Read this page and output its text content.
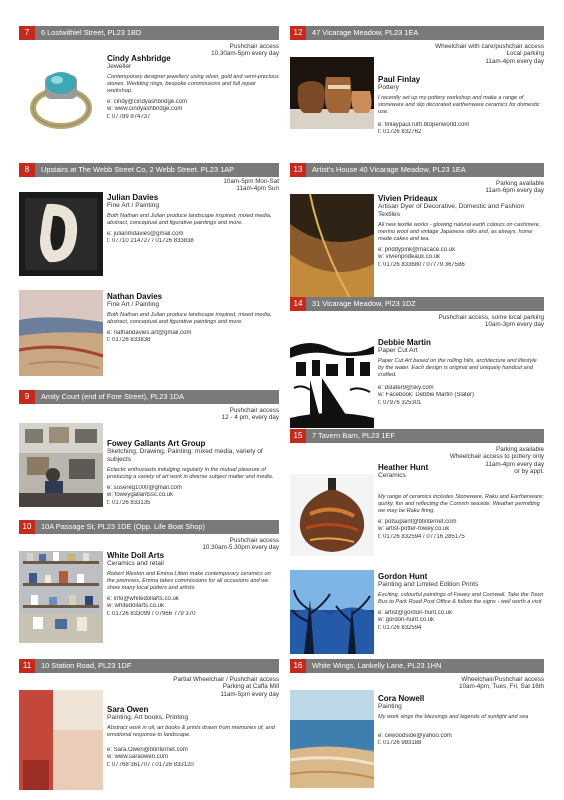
7	6 Lostwithiel Street, PL23 1BD
Pushchair access
10.30am-5pm every day
Cindy Ashbridge
Jeweller
Contemporary designer jewellery using silver, gold and semi-precious stones. Wedding rings, bespoke commissions and full repair workshop.
e: cindy@cindyashbridge.com
w: www.cindyashbridge.com
t: 07789 974737
8	Upstairs at The Webb Street Co, 2 Webb Street. PL23 1AP
10am-5pm Mon-Sat
11am-4pm Sun
Julian Davies
Fine Art / Painting
Both Nathan and Julian produce landscape inspired, mixed media, abstract, conceptual and figurative paintings and more.
e: julianmdavies@gmail.com
t: 07710 214727 / 01726 833838
Nathan Davies
Fine Art / Painting
Both Nathan and Julian produce landscape inspired, mixed media, abstract, conceptual and figurative paintings and more.
e: nathandavies.art@gmail.com
t: 01726 833838
9	Amity Court (end of Fore Street), PL23 1DA
Pushchair access
12 - 4 pm, every day
Fowey Gallants Art Group
Sketching, Drawing, Painting: mixed media, variety of subjects
Eclectic enthusiasts indulging regularly in the mutual pleasure of producing a variety of art work in diverse subject matter and media.
e: susereg1000@gmail.com
w: foweygallantssc.co.uk
t: 01726 833135
10	10A Passage St, PL23 1DE (Opp. Life Boat Shop)
Pushchair access
10.30am-5.30pm every day
White Doll Arts
Ceramics and retail
Robert Weston and Emma Litten make contemporary ceramics on the premises, Emma takes commissions for all occasions and we show many local potters and artists.
e: info@whitedollarts.co.uk
w: whitedollarts.co.uk
t: 01726 833099 / 07966 779 370
11	10 Station Road, PL23 1DF
Partial Wheelchair / Pushchair access
Parking at Caffa Mill
11am-5pm every day
Sara Owen
Painting, Art books, Printing
Abstract work in oil, art books & prints drawn from memories of, and emotional response to landscape.
e: Sara.Owen@btinternet.com
w: www.saraowen.com
t: 07768 361707 / 01726 833120
12	47 Vicarage Meadow, PL23 1EA
Wheelchair with care/pushchair access
Local parking
11am-4pm every day
Paul Finlay
Pottery
I recently set up my pottery workshop and make a range of stoneware and slip decorated earthenware ceramics for domestic use.
e: finlaypaul.ruth.btopenworld.com
t: 01726 832762
13	Artist's House 40 Vicarage Meadow, PL23 1EA
Parking available
11am-6pm every day
Vivien Prideaux
Artisan Dyer of Decorative, Domestic and Fashion Textiles
All new textile works - glowing natural earth colours on cashmere, merino wool and vintage Japanese silks and, as always, home made cakes and tea.
e: priddypink@macace.co.uk
w: vivienprideaux.co.uk
t: 01726 833680 / 07779 367586
14	31 Vicarage Meadow, Pl23 1DZ
Pushchair access, some local parking
10am-3pm every day
Debbie Martin
Paper Cut Art
Paper Cut Art based on the rolling hills, architecture and lifestyle by the water. Each design is original and uniquely handcut and crafted.
e: dslater9@sky.com
w: Facebook: Debbie Martin (Slater)
t: 07976 325301
15	7 Tavern Barn, PL23 1EF
Parking available
Wheelchair access to pottery only
11am-4pm every day
or by appt.
Heather Hunt
Ceramics
My range of ceramics includes Stoneware, Raku and Earthenware; quirky, fun and reflecting the Cornish seaside. Weather permitting we may be Raku firing.
e: potsupaint@btinternet.com
w: artist-potter-fowey.co.uk
t: 01726 832594 / 07716 285175
Gordon Hunt
Painting and Limited Edition Prints
Exciting, colourful paintings of Fowey and Cornwall. Take the Town Bus to Park Road Post Office & follow the signs - well worth a visit
e: artist@gordon-hunt.co.uk
w: gordon-hunt.co.uk
t: 01726 832594
16	White Wings, Lankelly Lane, PL23 1HN
Wheelchair/Pushchair access
10am-4pm, Tues, Fri, Sat 16th
Cora Nowell
Painting
My work sings the blessings and legends of sunlight and sea
e: cewoodside@yahoo.com
t: 01726 983188
